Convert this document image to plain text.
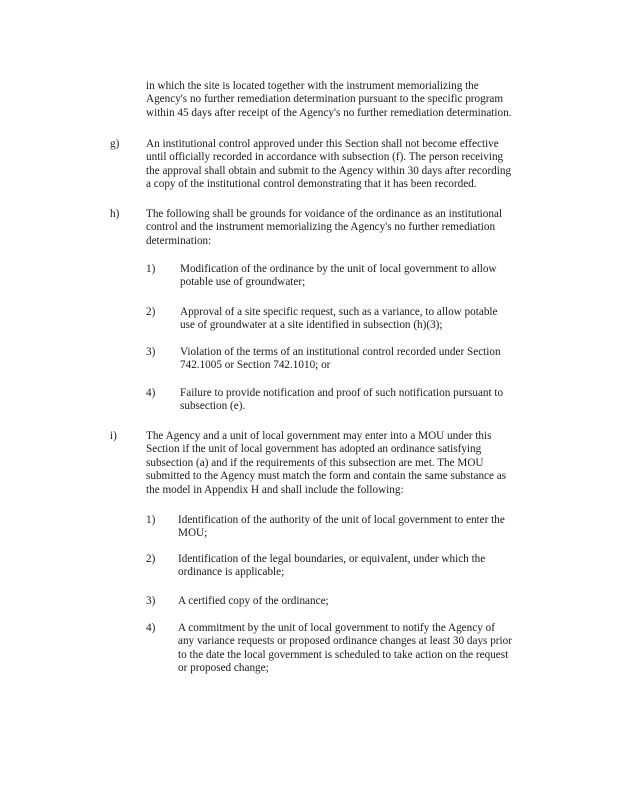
in which the site is located together with the instrument memorializing the
Agency's no further remediation determination pursuant to the specific program
within 45 days after receipt of the Agency's no further remediation determination.
g) An institutional control approved under this Section shall not become effective
until officially recorded in accordance with subsection (f). The person receiving
the approval shall obtain and submit to the Agency within 30 days after recording
a copy of the institutional control demonstrating that it has been recorded.
h) The following shall be grounds for voidance of the ordinance as an institutional
control and the instrument memorializing the Agency's no further remediation
determination:
1) Modification of the ordinance by the unit of local government to allow
potable use of groundwater;
2) Approval of a site specific request, such as a variance, to allow potable
use of groundwater at a site identified in subsection (h)(3);
3) Violation of the terms of an institutional control recorded under Section
742.1005 or Section 742.1010; or
4) Failure to provide notification and proof of such notification pursuant to
subsection (e).
i)	The Agency and a unit of local government may enter into a MOU under this
Section if the unit of local government has adopted an ordinance satisfying
subsection (a) and if the requirements of this subsection are met. The MOU
submitted to the Agency must match the form and contain the same substance as
the model in Appendix H and shall include the following:
1) Identification of the authority of the unit of local government to enter the
MOU;
2) Identification of the legal boundaries, or equivalent, under which the
ordinance is applicable;
3) A certified copy of the ordinance;
4) A commitment by the unit of local government to notify the Agency of
any variance requests or proposed ordinance changes at least 30 days prior
to the date the local government is scheduled to take action on the request
or proposed change;
